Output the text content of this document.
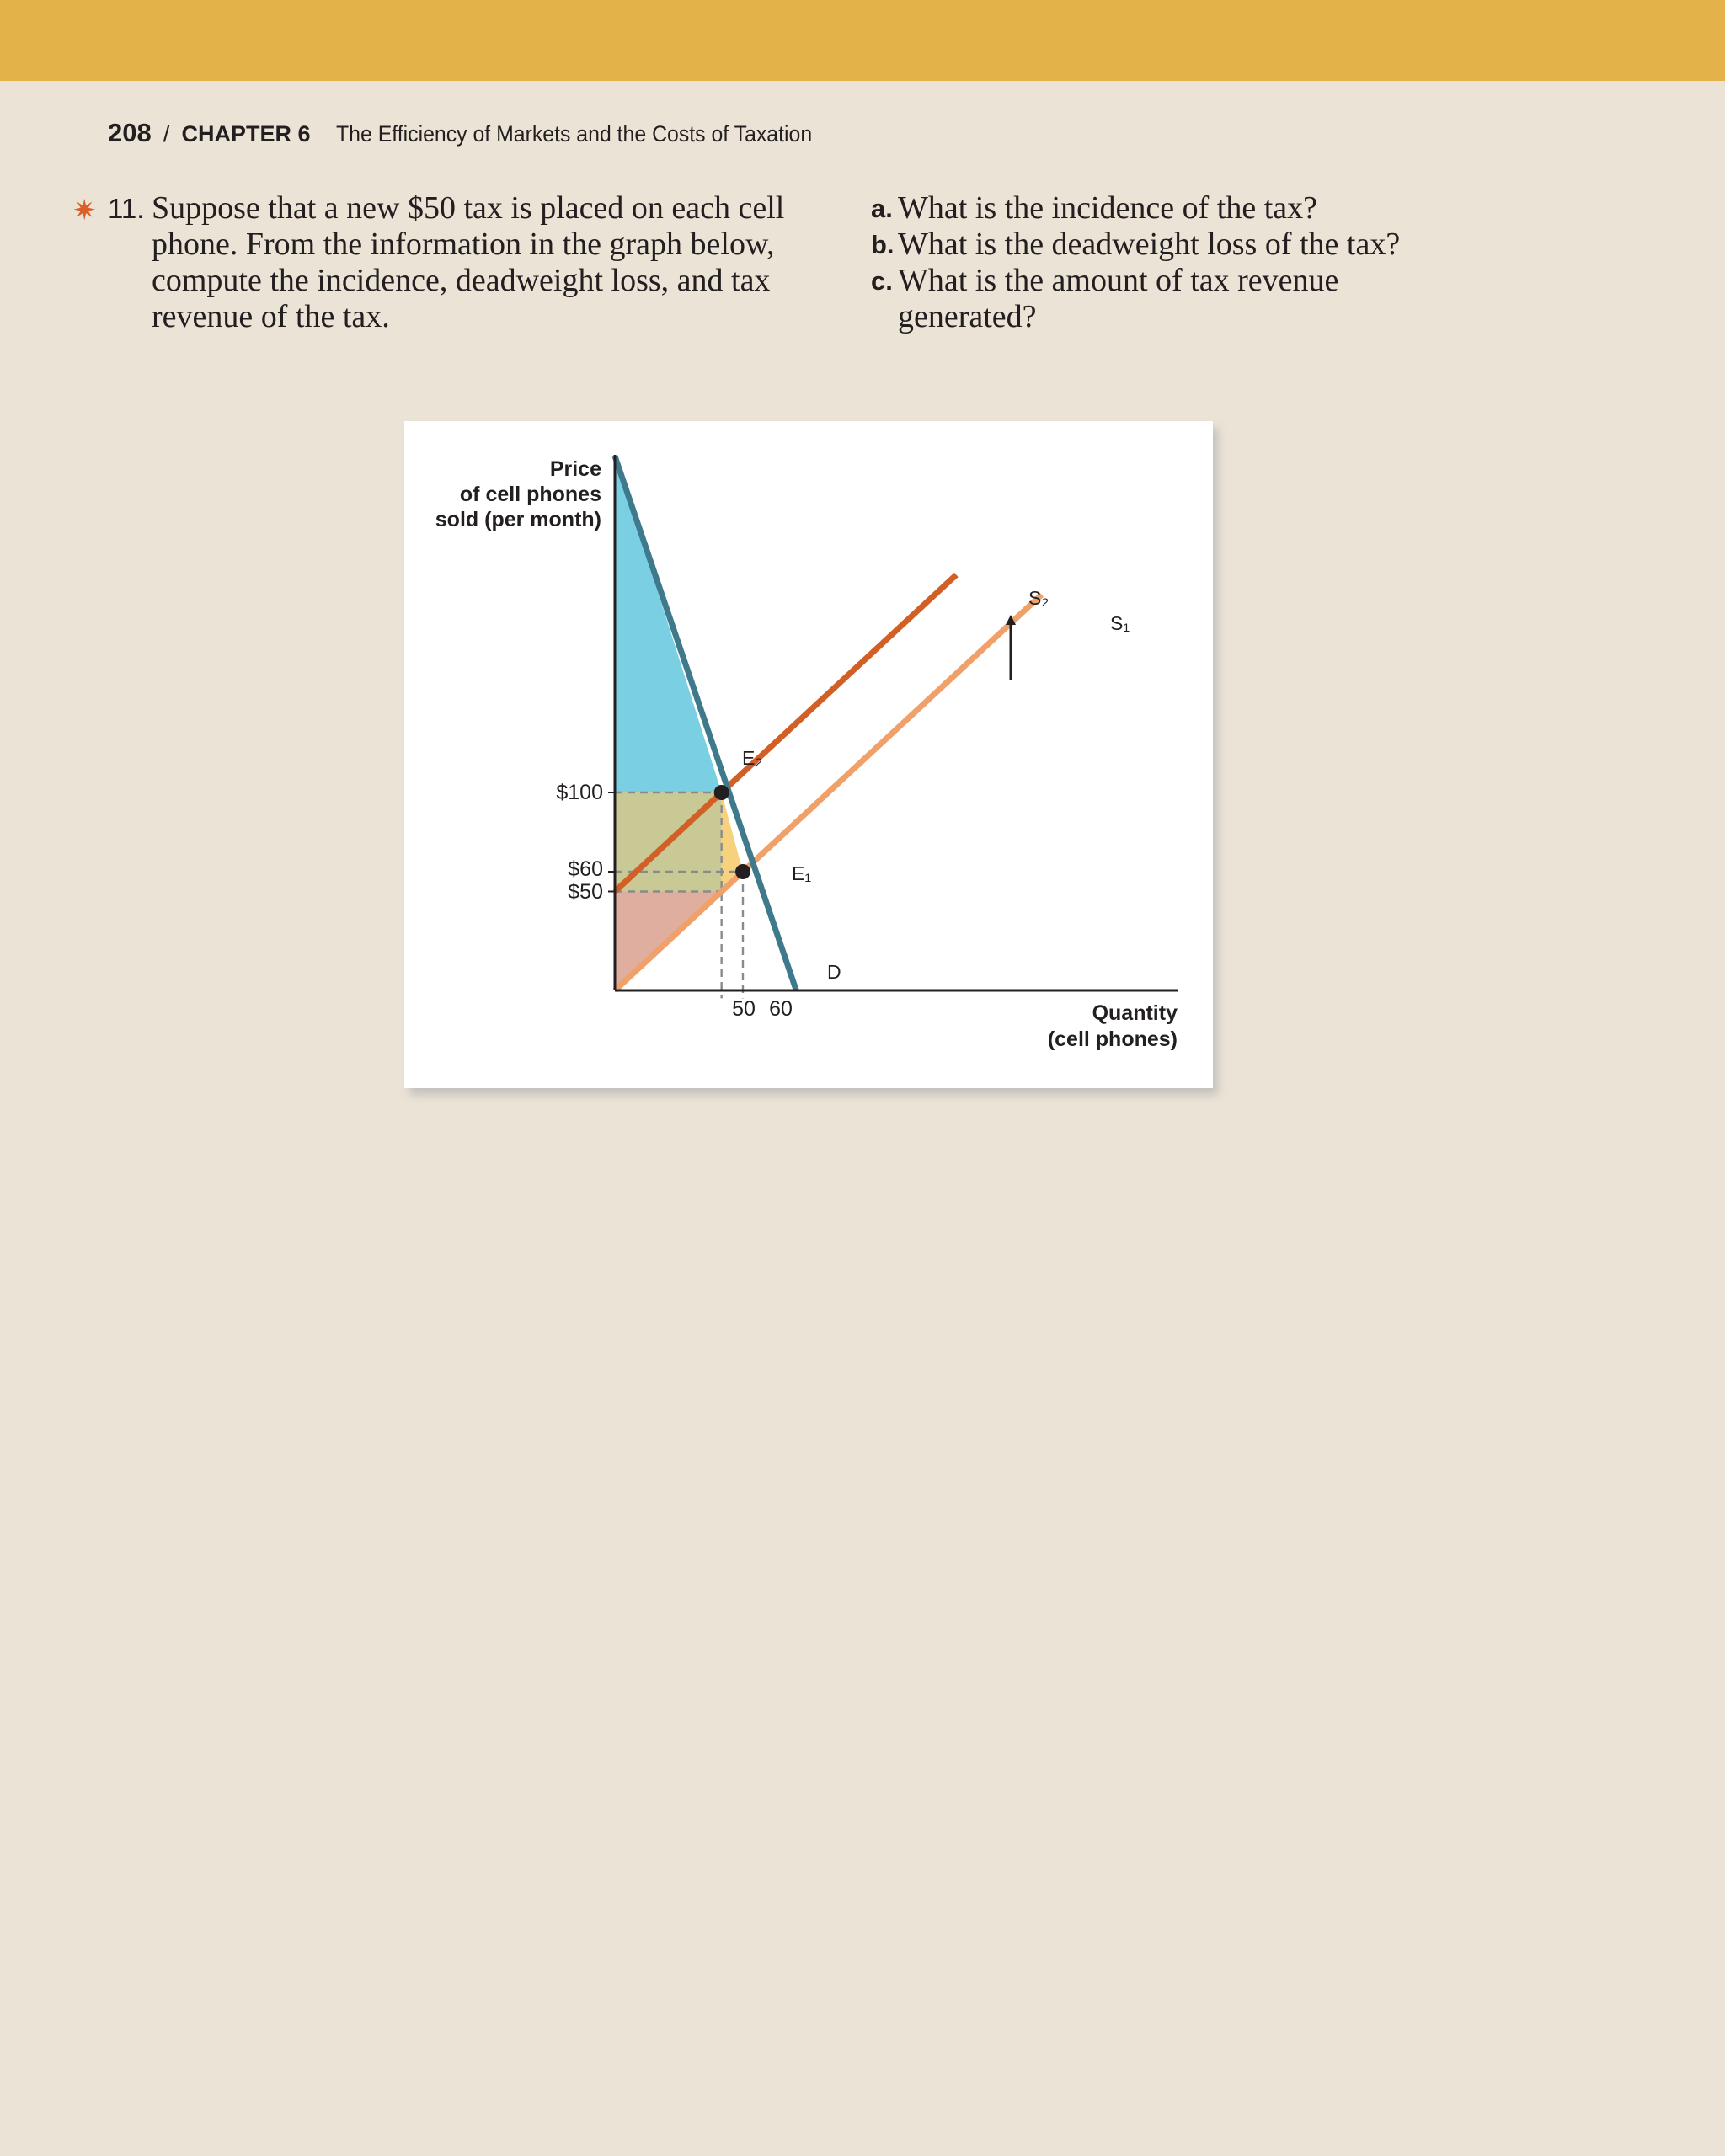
208 / CHAPTER 6 The Efficiency of Markets and the Costs of Taxation
✷ 11. Suppose that a new $50 tax is placed on each cell phone. From the information in the graph below, compute the incidence, deadweight loss, and tax revenue of the tax.
a. What is the incidence of the tax?
b. What is the deadweight loss of the tax?
c. What is the amount of tax revenue generated?
Price
of cell phones
sold (per month)
Quantity
(cell phones)
$100
$60
$50
50 60
S₂
S₁
E₂
E₁
D
